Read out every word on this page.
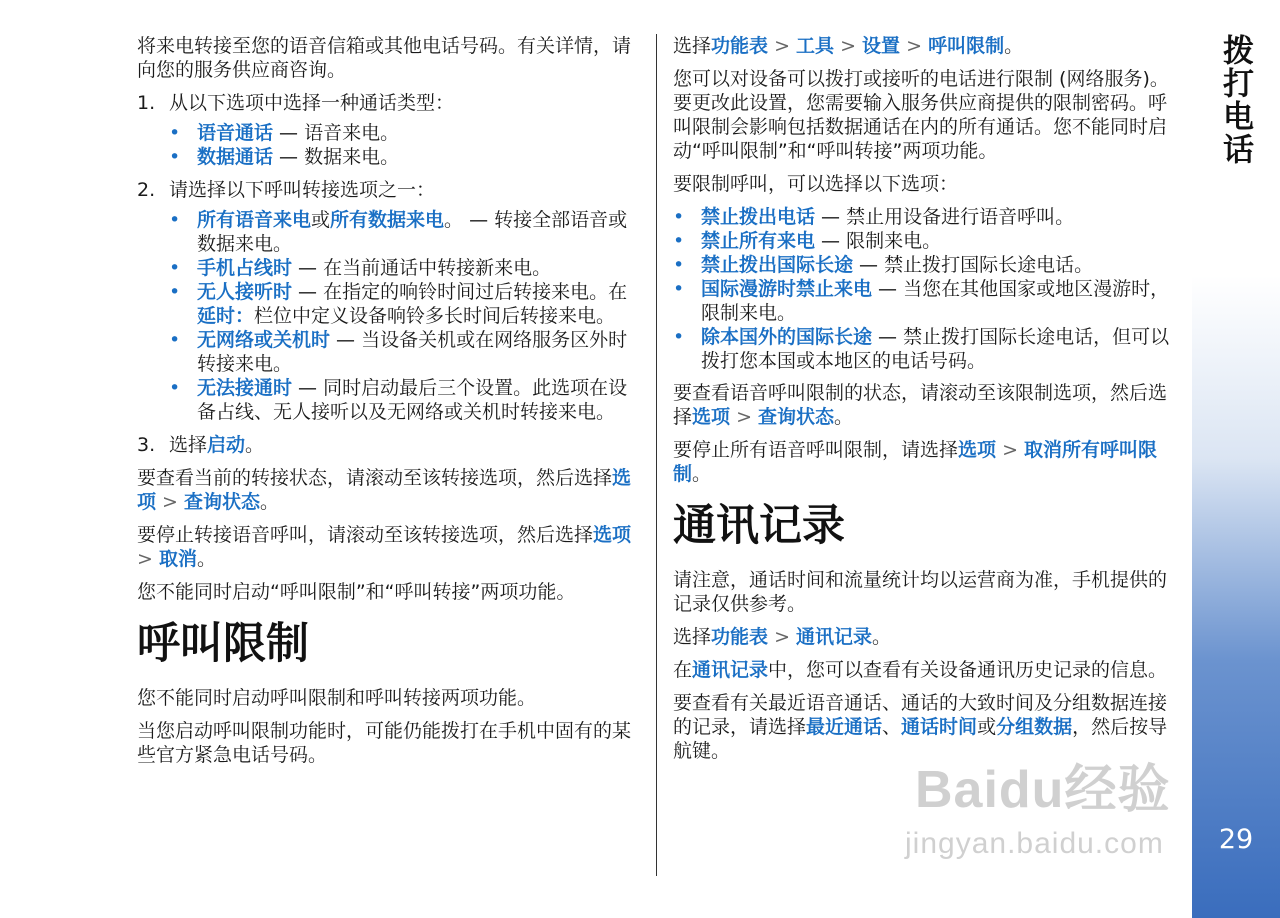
拨打电话
29

将来电转接至您的语音信箱或其他电话号码。有关详情，请向您的服务供应商咨询。

1. 从以下选项中选择一种通话类型：
• 语音通话 — 语音来电。
• 数据通话 — 数据来电。
2. 请选择以下呼叫转接选项之一：
• 所有语音来电或所有数据来电。 — 转接全部语音或数据来电。
• 手机占线时 — 在当前通话中转接新来电。
• 无人接听时 — 在指定的响铃时间过后转接来电。在延时：栏位中定义设备响铃多长时间后转接来电。
• 无网络或关机时 — 当设备关机或在网络服务区外时转接来电。
• 无法接通时 — 同时启动最后三个设置。此选项在设备占线、无人接听以及无网络或关机时转接来电。
3. 选择启动。

要查看当前的转接状态，请滚动至该转接选项，然后选择选项 > 查询状态。

要停止转接语音呼叫，请滚动至该转接选项，然后选择选项 > 取消。

您不能同时启动“呼叫限制”和“呼叫转接”两项功能。

呼叫限制

您不能同时启动呼叫限制和呼叫转接两项功能。

当您启动呼叫限制功能时，可能仍能拨打在手机中固有的某些官方紧急电话号码。

选择功能表 > 工具 > 设置 > 呼叫限制。

您可以对设备可以拨打或接听的电话进行限制 (网络服务)。要更改此设置，您需要输入服务供应商提供的限制密码。呼叫限制会影响包括数据通话在内的所有通话。您不能同时启动“呼叫限制”和“呼叫转接”两项功能。

要限制呼叫，可以选择以下选项：

• 禁止拨出电话 — 禁止用设备进行语音呼叫。
• 禁止所有来电 — 限制来电。
• 禁止拨出国际长途 — 禁止拨打国际长途电话。
• 国际漫游时禁止来电 — 当您在其他国家或地区漫游时，限制来电。
• 除本国外的国际长途 — 禁止拨打国际长途电话，但可以拨打您本国或本地区的电话号码。

要查看语音呼叫限制的状态，请滚动至该限制选项，然后选择选项 > 查询状态。

要停止所有语音呼叫限制，请选择选项 > 取消所有呼叫限制。

通讯记录

请注意，通话时间和流量统计均以运营商为准，手机提供的记录仅供参考。

选择功能表 > 通讯记录。

在通讯记录中，您可以查看有关设备通讯历史记录的信息。

要查看有关最近语音通话、通话的大致时间及分组数据连接的记录，请选择最近通话、通话时间或分组数据，然后按导航键。

Baidu经验
jingyan.baidu.com
